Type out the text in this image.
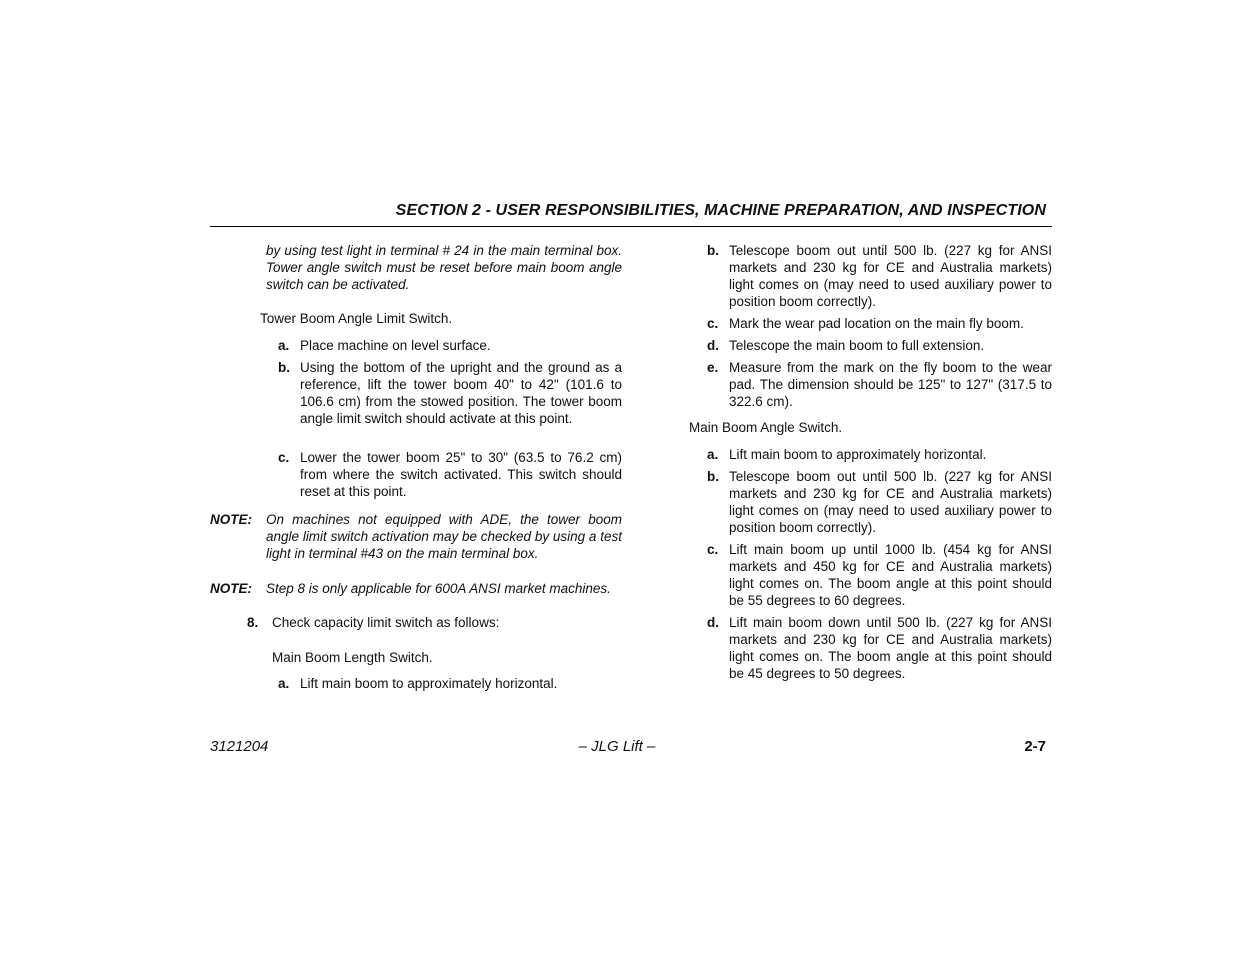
SECTION 2 - USER RESPONSIBILITIES, MACHINE PREPARATION, AND INSPECTION
by using test light in terminal # 24 in the main terminal box. Tower angle switch must be reset before main boom angle switch can be activated.
Tower Boom Angle Limit Switch.
a. Place machine on level surface.
b. Using the bottom of the upright and the ground as a reference, lift the tower boom 40" to 42" (101.6 to 106.6 cm) from the stowed position. The tower boom angle limit switch should activate at this point.
c. Lower the tower boom 25" to 30" (63.5 to 76.2 cm) from where the switch activated. This switch should reset at this point.
NOTE: On machines not equipped with ADE, the tower boom angle limit switch activation may be checked by using a test light in terminal #43 on the main terminal box.
NOTE: Step 8 is only applicable for 600A ANSI market machines.
8. Check capacity limit switch as follows:
Main Boom Length Switch.
a. Lift main boom to approximately horizontal.
b. Telescope boom out until 500 lb. (227 kg for ANSI markets and 230 kg for CE and Australia markets) light comes on (may need to used auxiliary power to position boom correctly).
c. Mark the wear pad location on the main fly boom.
d. Telescope the main boom to full extension.
e. Measure from the mark on the fly boom to the wear pad. The dimension should be 125" to 127" (317.5 to 322.6 cm).
Main Boom Angle Switch.
a. Lift main boom to approximately horizontal.
b. Telescope boom out until 500 lb. (227 kg for ANSI markets and 230 kg for CE and Australia markets) light comes on (may need to used auxiliary power to position boom correctly).
c. Lift main boom up until 1000 lb. (454 kg for ANSI markets and 450 kg for CE and Australia markets) light comes on. The boom angle at this point should be 55 degrees to 60 degrees.
d. Lift main boom down until 500 lb. (227 kg for ANSI markets and 230 kg for CE and Australia markets) light comes on. The boom angle at this point should be 45 degrees to 50 degrees.
3121204	– JLG Lift –	2-7
